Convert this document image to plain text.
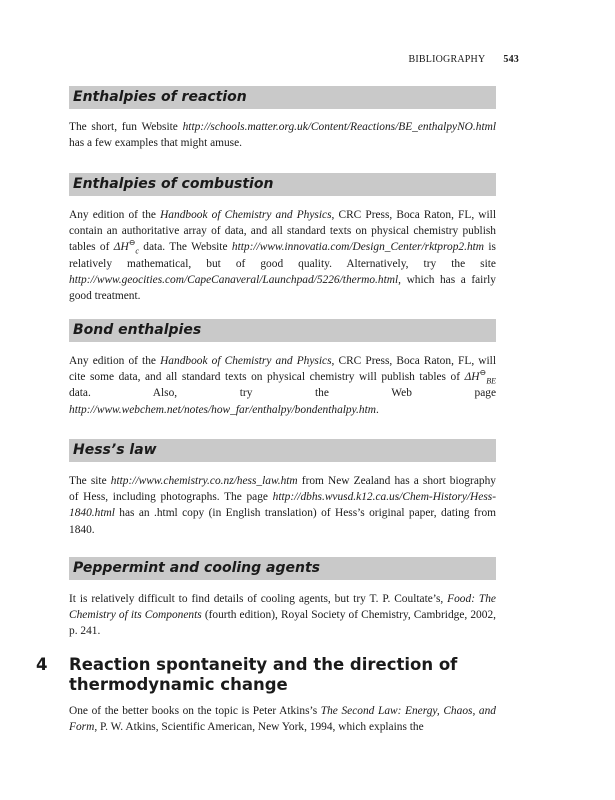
BIBLIOGRAPHY 543
Enthalpies of reaction
The short, fun Website http://schools.matter.org.uk/Content/Reactions/BE_enthalpyNO.html has a few examples that might amuse.
Enthalpies of combustion
Any edition of the Handbook of Chemistry and Physics, CRC Press, Boca Raton, FL, will contain an authoritative array of data, and all standard texts on physical chemistry publish tables of $\Delta H^⊖_c$ data. The Website http://www.innovatia.com/Design_Center/rktprop2.htm is relatively mathematical, but of good quality. Alternatively, try the site http://www.geocities.com/CapeCanaveral/Launchpad/5226/thermo.html, which has a fairly good treatment.
Bond enthalpies
Any edition of the Handbook of Chemistry and Physics, CRC Press, Boca Raton, FL, will cite some data, and all standard texts on physical chemistry will publish tables of $\Delta H^⊖_{BE}$ data. Also, try the Web page http://www.webchem.net/notes/how_far/enthalpy/bondenthalpy.htm.
Hess’s law
The site http://www.chemistry.co.nz/hess_law.htm from New Zealand has a short biography of Hess, including photographs. The page http://dbhs.wvusd.k12.ca.us/Chem-History/Hess-1840.html has an .html copy (in English translation) of Hess’s original paper, dating from 1840.
Peppermint and cooling agents
It is relatively difficult to find details of cooling agents, but try T. P. Coultate’s, Food: The Chemistry of its Components (fourth edition), Royal Society of Chemistry, Cambridge, 2002, p. 241.
4 Reaction spontaneity and the direction of thermodynamic change
One of the better books on the topic is Peter Atkins’s The Second Law: Energy, Chaos, and Form, P. W. Atkins, Scientific American, New York, 1994, which explains the
